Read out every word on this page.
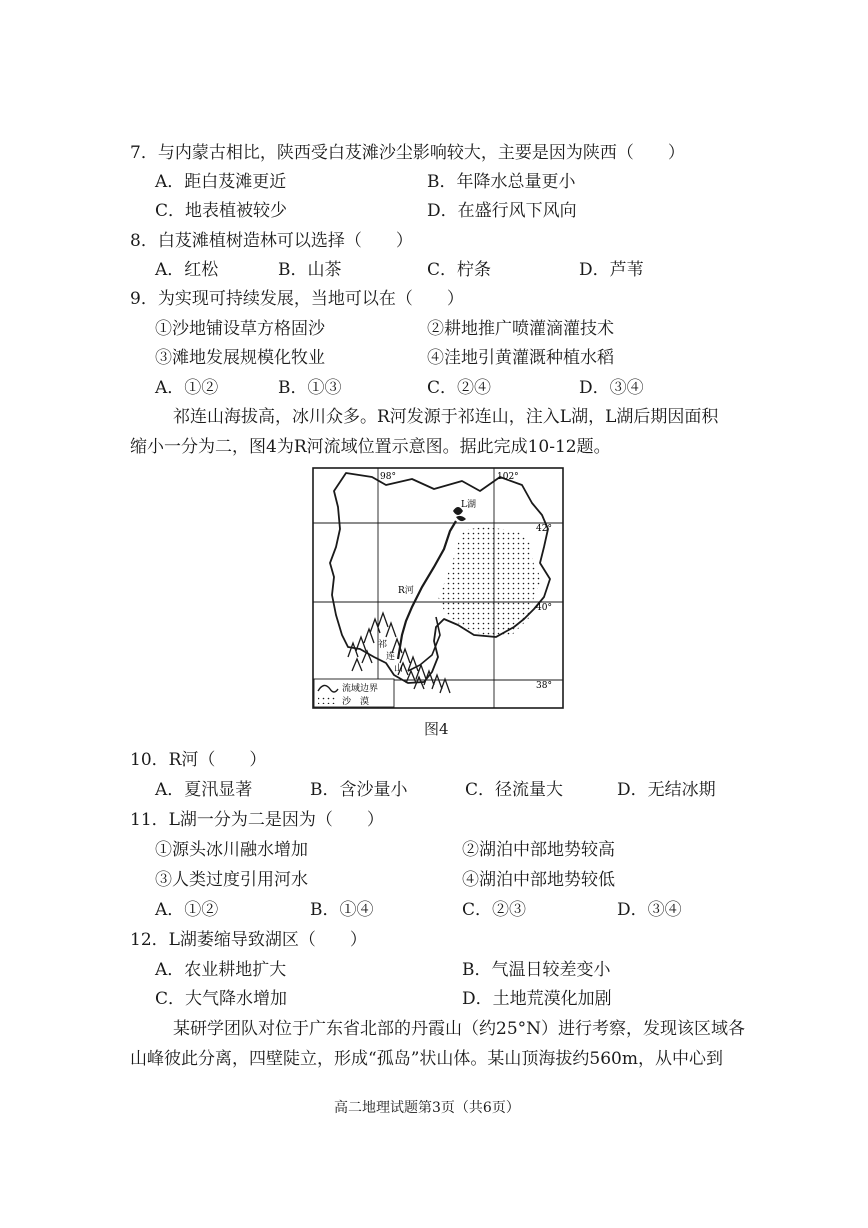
7．与内蒙古相比，陕西受白芨滩沙尘影响较大，主要是因为陕西（　　）
A．距白芨滩更近	B．年降水总量更小
C．地表植被较少	D．在盛行风下风向
8．白芨滩植树造林可以选择（　　）
A．红松	B．山茶	C．柠条	D．芦苇
9．为实现可持续发展，当地可以在（　　）
①沙地铺设草方格固沙	②耕地推广喷灌滴灌技术
③滩地发展规模化牧业	④洼地引黄灌溉种植水稻
A．①②	B．①③	C．②④	D．③④
祁连山海拔高，冰川众多。R河发源于祁连山，注入L湖，L湖后期因面积
缩小一分为二，图4为R河流域位置示意图。据此完成10-12题。
98°	102°
42°
40°
38°
L湖
R河
祁
连
山
流域边界
沙　漠
图4
10．R河（　　）
A．夏汛显著	B．含沙量小	C．径流量大	D．无结冰期
11．L湖一分为二是因为（　　）
①源头冰川融水增加	②湖泊中部地势较高
③人类过度引用河水	④湖泊中部地势较低
A．①②	B．①④	C．②③	D．③④
12．L湖萎缩导致湖区（　　）
A．农业耕地扩大	B．气温日较差变小
C．大气降水增加	D．土地荒漠化加剧
某研学团队对位于广东省北部的丹霞山（约25°N）进行考察，发现该区域各
山峰彼此分离，四壁陡立，形成“孤岛”状山体。某山顶海拔约560m，从中心到
高二地理试题第3页（共6页）
